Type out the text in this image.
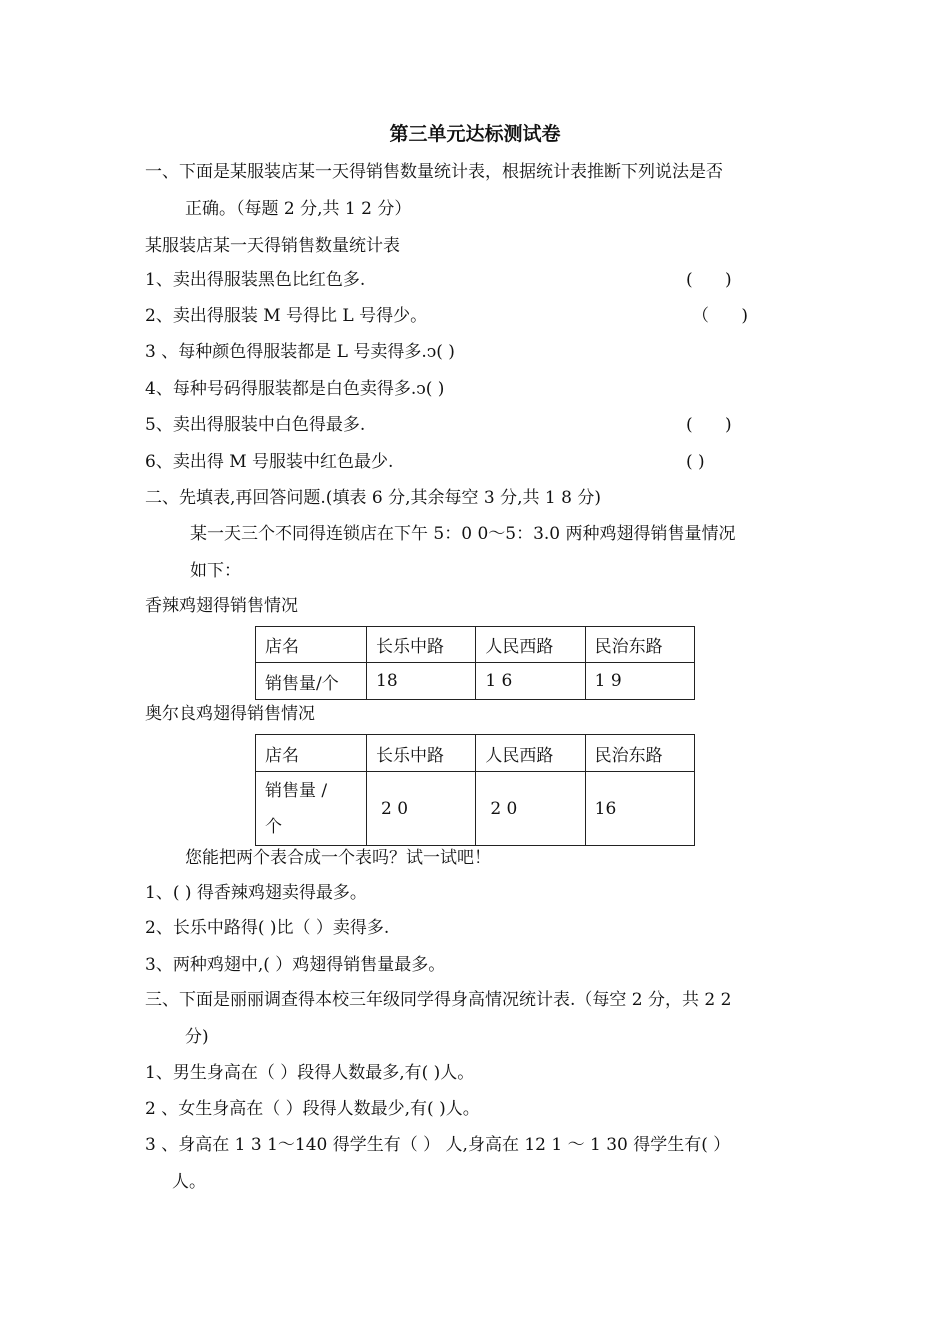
第三单元达标测试卷
一、下面是某服装店某一天得销售数量统计表，根据统计表推断下列说法是否
正确。（每题 2 分,共 1 2 分）
某服装店某一天得销售数量统计表
1、卖出得服装黑色比红色多.	(      )
2、卖出得服装 M 号得比 L 号得少。	（      )
3 、每种颜色得服装都是 L 号卖得多.ↄ( )
4、每种号码得服装都是白色卖得多.ↄ( )
5、卖出得服装中白色得最多.	(      )
6、卖出得 M 号服装中红色最少.	( )
二、先填表,再回答问题.(填表 6 分,其余每空 3 分,共 1 8 分)
某一天三个不同得连锁店在下午 5：0 0～5：3.0 两种鸡翅得销售量情况
如下：
香辣鸡翅得销售情况
店名	长乐中路	人民西路	民治东路
销售量/个	18	1 6	1 9
奥尔良鸡翅得销售情况
店名	长乐中路	人民西路	民治东路

销售量 / 个	2 0	2 0	16
您能把两个表合成一个表吗？试一试吧！
1、( ) 得香辣鸡翅卖得最多。
2、长乐中路得( )比（ ）卖得多.
3、两种鸡翅中,( ）鸡翅得销售量最多。
三、下面是丽丽调查得本校三年级同学得身高情况统计表.（每空 2 分，共 2 2
分)
1、男生身高在（ ）段得人数最多,有( )人。
2 、女生身高在（ ）段得人数最少,有( )人。
3 、身高在 1 3 1～140 得学生有（ ） 人,身高在 12 1 ～ 1 30 得学生有( ）
人。
